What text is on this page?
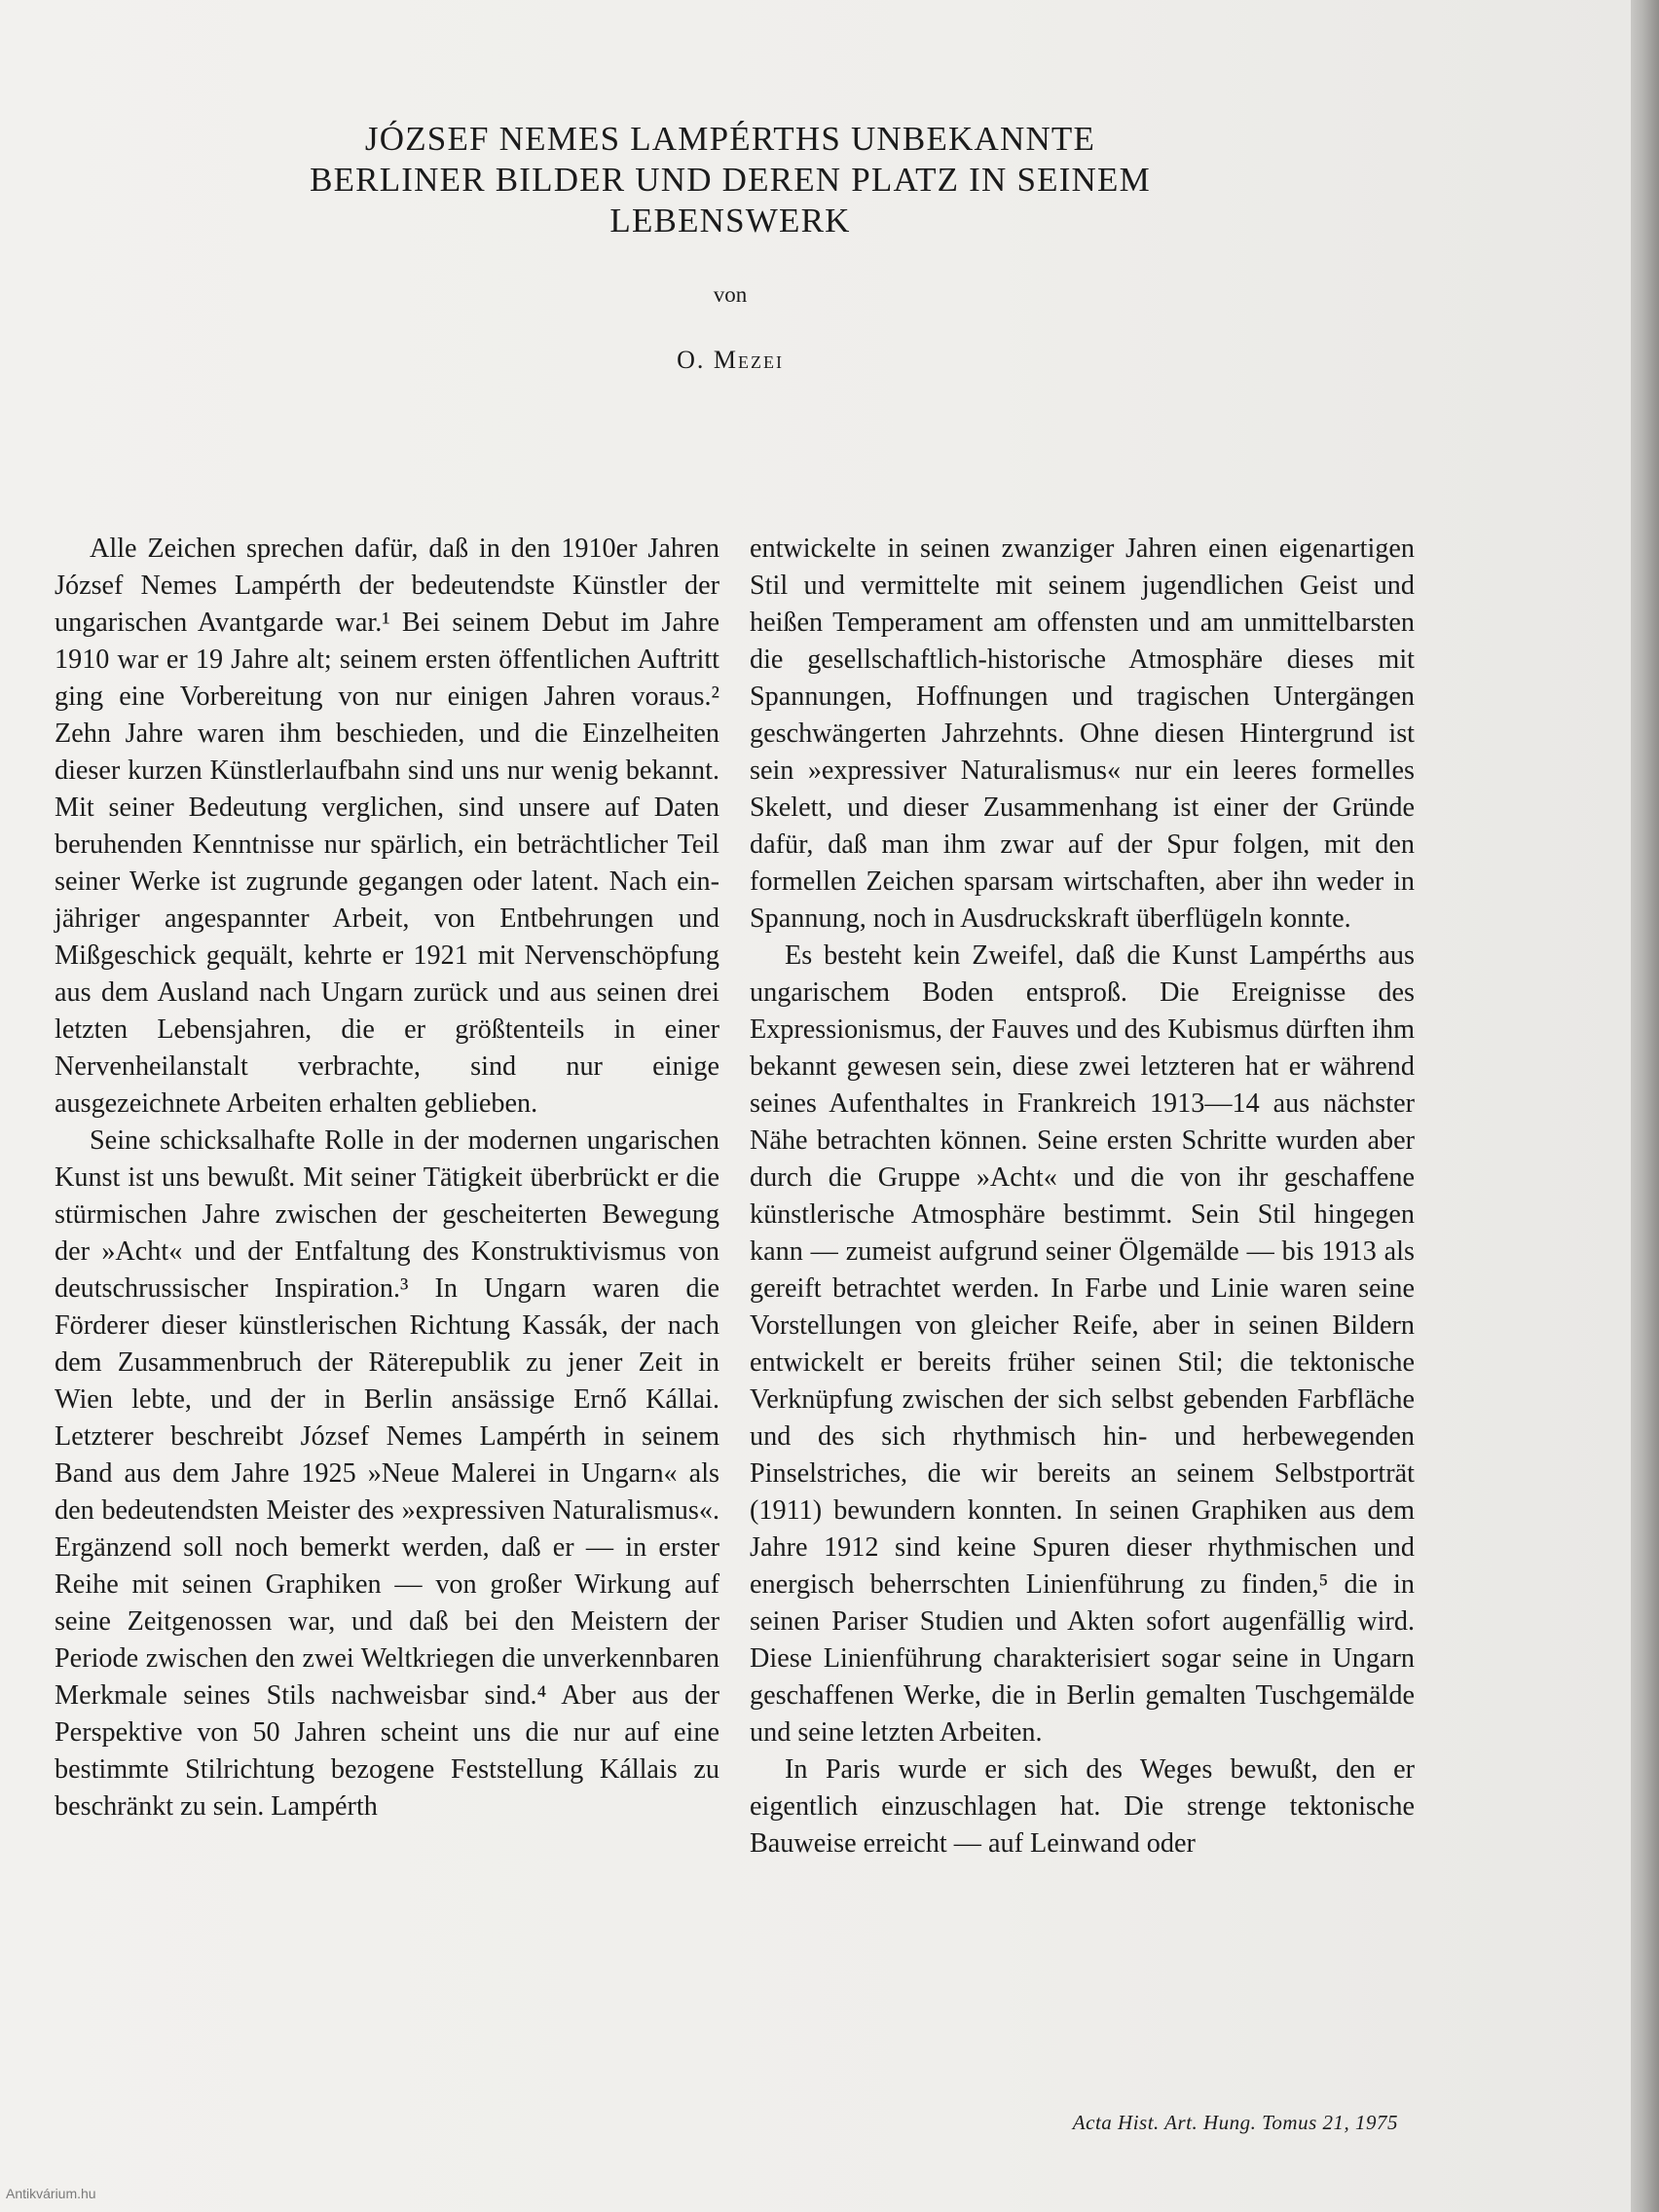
JÓZSEF NEMES LAMPÉRTHS UNBEKANNTE
BERLINER BILDER UND DEREN PLATZ IN SEINEM
LEBENSWERK
von
O. Mezei

Alle Zeichen sprechen dafür, daß in den 1910er Jahren József Nemes Lampérth der bedeutendste Künstler der ungarischen Avantgarde war.¹ Bei seinem Debut im Jahre 1910 war er 19 Jahre alt; seinem ersten öffentlichen Auftritt ging eine Vorbereitung von nur einigen Jahren voraus.² Zehn Jahre waren ihm beschieden, und die Einzelheiten dieser kurzen Künstlerlaufbahn sind uns nur wenig bekannt. Mit seiner Bedeutung verglichen, sind unsere auf Daten beruhenden Kenntnisse nur spärlich, ein beträchtlicher Teil seiner Werke ist zugrunde gegangen oder latent. Nach einjähriger angespannter Arbeit, von Entbehrungen und Mißgeschick gequält, kehrte er 1921 mit Nervenschöpfung aus dem Ausland nach Ungarn zurück und aus seinen drei letzten Lebensjahren, die er größtenteils in einer Nervenheilanstalt verbrachte, sind nur einige ausgezeichnete Arbeiten erhalten geblieben.

Seine schicksalhafte Rolle in der modernen ungarischen Kunst ist uns bewußt. Mit seiner Tätigkeit überbrückt er die stürmischen Jahre zwischen der gescheiterten Bewegung der »Acht« und der Entfaltung des Konstruktivismus von deutschrussischer Inspiration.³ In Ungarn waren die Förderer dieser künstlerischen Richtung Kassák, der nach dem Zusammenbruch der Räterepublik zu jener Zeit in Wien lebte, und der in Berlin ansässige Ernő Kállai. Letzterer beschreibt József Nemes Lampérth in seinem Band aus dem Jahre 1925 »Neue Malerei in Ungarn« als den bedeutendsten Meister des »expressiven Naturalismus«. Ergänzend soll noch bemerkt werden, daß er — in erster Reihe mit seinen Graphiken — von großer Wirkung auf seine Zeitgenossen war, und daß bei den Meistern der Periode zwischen den zwei Weltkriegen die unverkennbaren Merkmale seines Stils nachweisbar sind.⁴ Aber aus der Perspektive von 50 Jahren scheint uns die nur auf eine bestimmte Stilrichtung bezogene Feststellung Kállais zu beschränkt zu sein. Lampérth

entwickelte in seinen zwanziger Jahren einen eigenartigen Stil und vermittelte mit seinem jugendlichen Geist und heißen Temperament am offensten und am unmittelbarsten die gesellschaftlich-historische Atmosphäre dieses mit Spannungen, Hoffnungen und tragischen Untergängen geschwängerten Jahrzehnts. Ohne diesen Hintergrund ist sein »expressiver Naturalismus« nur ein leeres formelles Skelett, und dieser Zusammenhang ist einer der Gründe dafür, daß man ihm zwar auf der Spur folgen, mit den formellen Zeichen sparsam wirtschaften, aber ihn weder in Spannung, noch in Ausdruckskraft überflügeln konnte.

Es besteht kein Zweifel, daß die Kunst Lampérths aus ungarischem Boden entsproß. Die Ereignisse des Expressionismus, der Fauves und des Kubismus dürften ihm bekannt gewesen sein, diese zwei letzteren hat er während seines Aufenthaltes in Frankreich 1913—14 aus nächster Nähe betrachten können. Seine ersten Schritte wurden aber durch die Gruppe »Acht« und die von ihr geschaffene künstlerische Atmosphäre bestimmt. Sein Stil hingegen kann — zumeist aufgrund seiner Ölgemälde — bis 1913 als gereift betrachtet werden. In Farbe und Linie waren seine Vorstellungen von gleicher Reife, aber in seinen Bildern entwickelt er bereits früher seinen Stil; die tektonische Verknüpfung zwischen der sich selbst gebenden Farbfläche und des sich rhythmisch hin- und herbewegenden Pinselstriches, die wir bereits an seinem Selbstporträt (1911) bewundern konnten. In seinen Graphiken aus dem Jahre 1912 sind keine Spuren dieser rhythmischen und energisch beherrschten Linienführung zu finden,⁵ die in seinen Pariser Studien und Akten sofort augenfällig wird. Diese Linienführung charakterisiert sogar seine in Ungarn geschaffenen Werke, die in Berlin gemalten Tuschgemälde und seine letzten Arbeiten.

In Paris wurde er sich des Weges bewußt, den er eigentlich einzuschlagen hat. Die strenge tektonische Bauweise erreicht — auf Leinwand oder

Acta Hist. Art. Hung. Tomus 21, 1975
Antikvárium.hu
